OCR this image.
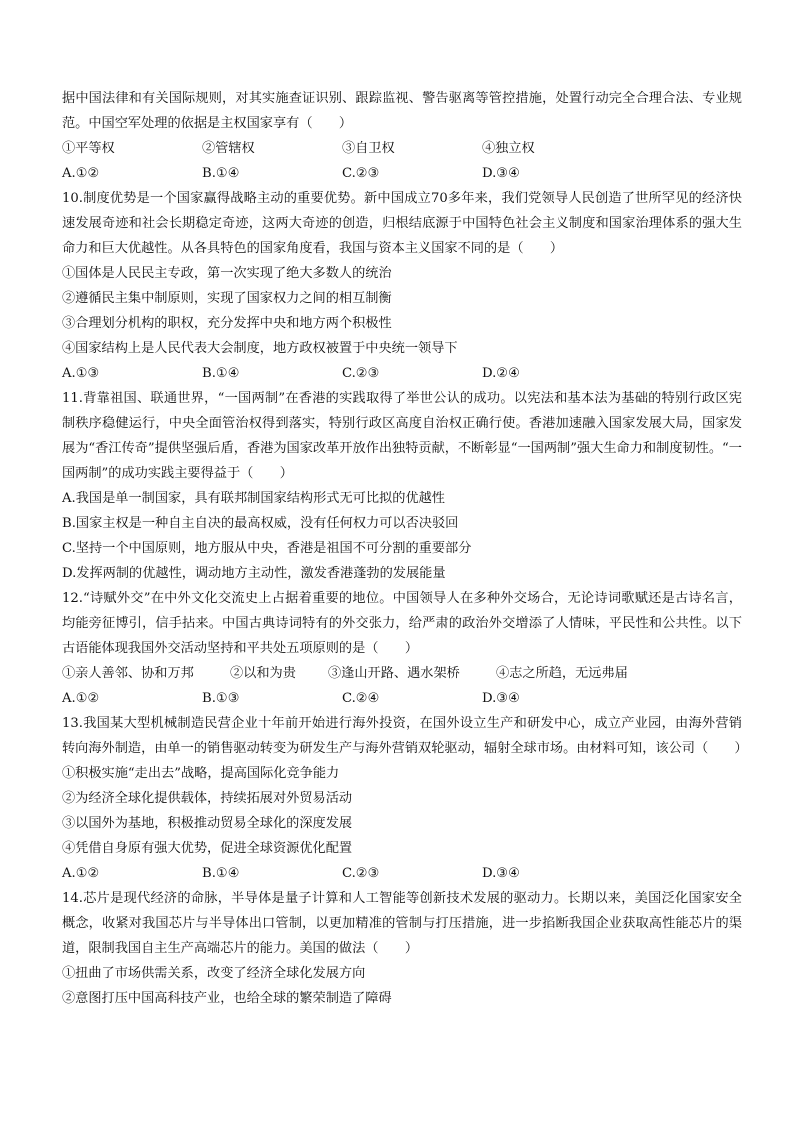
据中国法律和有关国际规则，对其实施查证识别、跟踪监视、警告驱离等管控措施，处置行动完全合理合法、专业规范。中国空军处理的依据是主权国家享有（　　）
①平等权	②管辖权	③自卫权	④独立权
A.①②	B.①④	C.②③	D.③④
10.制度优势是一个国家赢得战略主动的重要优势。新中国成立70多年来，我们党领导人民创造了世所罕见的经济快速发展奇迹和社会长期稳定奇迹，这两大奇迹的创造，归根结底源于中国特色社会主义制度和国家治理体系的强大生命力和巨大优越性。从各具特色的国家角度看，我国与资本主义国家不同的是（　　）
①国体是人民民主专政，第一次实现了绝大多数人的统治
②遵循民主集中制原则，实现了国家权力之间的相互制衡
③合理划分机构的职权，充分发挥中央和地方两个积极性
④国家结构上是人民代表大会制度，地方政权被置于中央统一领导下
A.①③	B.①④	C.②③	D.②④
11.背靠祖国、联通世界，“一国两制”在香港的实践取得了举世公认的成功。以宪法和基本法为基础的特别行政区宪制秩序稳健运行，中央全面管治权得到落实，特别行政区高度自治权正确行使。香港加速融入国家发展大局，国家发展为“香江传奇”提供坚强后盾，香港为国家改革开放作出独特贡献，不断彰显“一国两制”强大生命力和制度韧性。“一国两制”的成功实践主要得益于（　　）
A.我国是单一制国家，具有联邦制国家结构形式无可比拟的优越性
B.国家主权是一种自主自决的最高权威，没有任何权力可以否决驳回
C.坚持一个中国原则，地方服从中央，香港是祖国不可分割的重要部分
D.发挥两制的优越性，调动地方主动性，激发香港蓬勃的发展能量
12.“诗赋外交”在中外文化交流史上占据着重要的地位。中国领导人在多种外交场合，无论诗词歌赋还是古诗名言，均能旁征博引，信手拈来。中国古典诗词特有的外交张力，给严肃的政治外交增添了人情味，平民性和公共性。以下古语能体现我国外交活动坚持和平共处五项原则的是（　　）
①亲人善邻、协和万邦	②以和为贵	③逢山开路、遇水架桥	④志之所趋，无远弗届
A.①②	B.①③	C.②④	D.③④
13.我国某大型机械制造民营企业十年前开始进行海外投资，在国外设立生产和研发中心，成立产业园，由海外营销转向海外制造，由单一的销售驱动转变为研发生产与海外营销双轮驱动，辐射全球市场。由材料可知，该公司（　　）
①积极实施“走出去”战略，提高国际化竞争能力
②为经济全球化提供载体，持续拓展对外贸易活动
③以国外为基地，积极推动贸易全球化的深度发展
④凭借自身原有强大优势，促进全球资源优化配置
A.①②	B.①④	C.②③	D.③④
14.芯片是现代经济的命脉，半导体是量子计算和人工智能等创新技术发展的驱动力。长期以来，美国泛化国家安全概念，收紧对我国芯片与半导体出口管制，以更加精准的管制与打压措施，进一步掐断我国企业获取高性能芯片的渠道，限制我国自主生产高端芯片的能力。美国的做法（　　）
①扭曲了市场供需关系，改变了经济全球化发展方向
②意图打压中国高科技产业，也给全球的繁荣制造了障碍
